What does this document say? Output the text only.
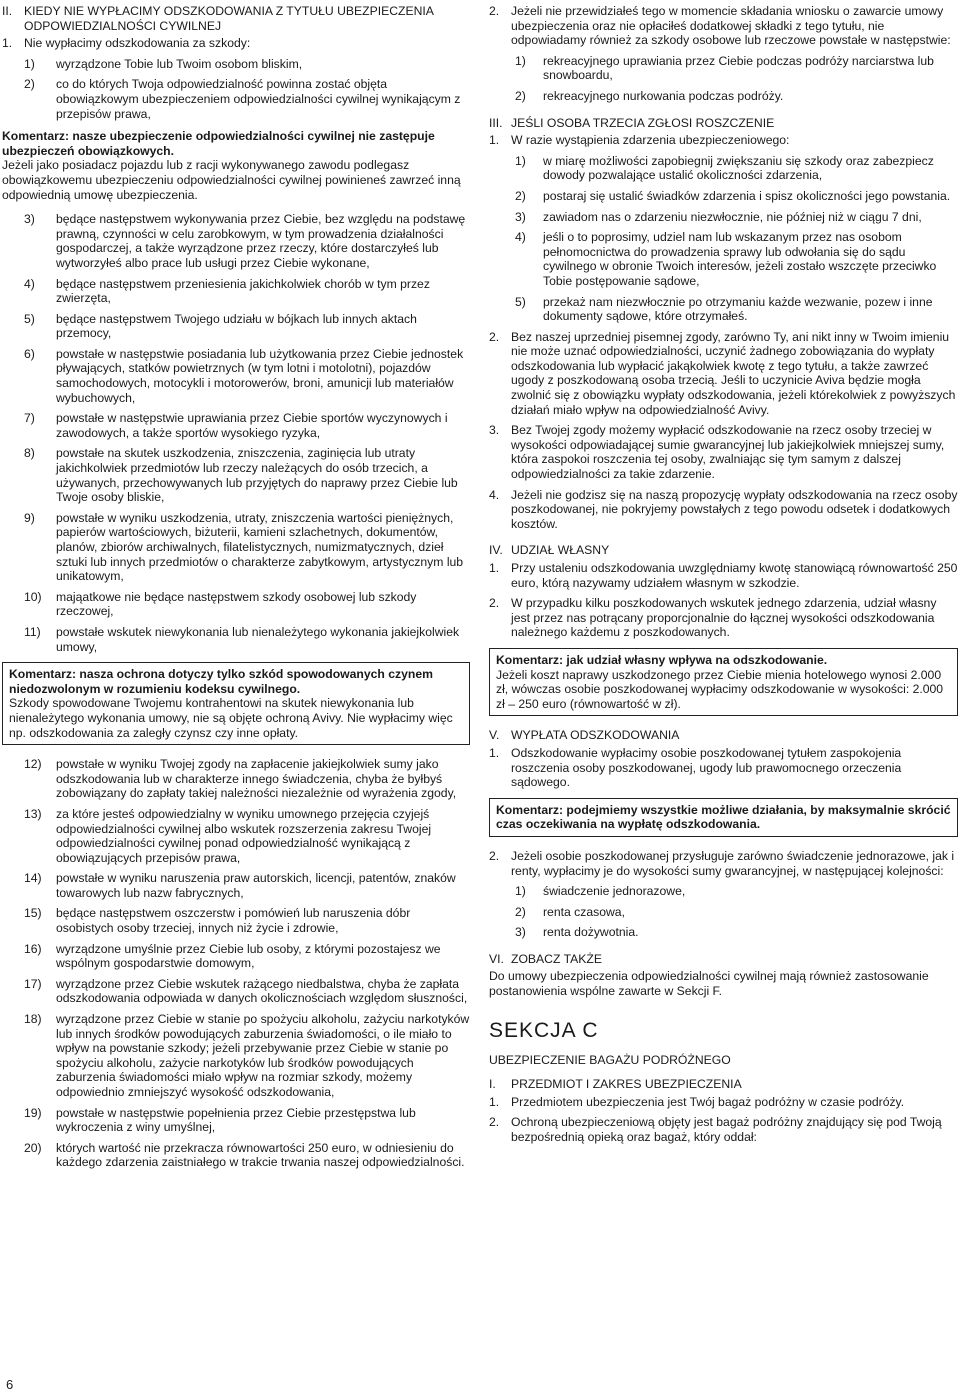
II. KIEDY NIE WYPŁACIMY ODSZKODOWANIA Z TYTUŁU UBEZPIECZENIA ODPOWIEDZIALNOŚCI CYWILNEJ
1. Nie wypłacimy odszkodowania za szkody:
1)	wyrządzone Tobie lub Twoim osobom bliskim,
2)	co do których Twoja odpowiedzialność powinna zostać objęta obowiązkowym ubezpieczeniem odpowiedzialności cywilnej wynikającym z przepisów prawa,
Komentarz: nasze ubezpieczenie odpowiedzialności cywilnej nie zastępuje ubezpieczeń obowiązkowych.
Jeżeli jako posiadacz pojazdu lub z racji wykonywanego zawodu podlegasz obowiązkowemu ubezpieczeniu odpowiedzialności cywilnej powinieneś zawrzeć inną odpowiednią umowę ubezpieczenia.
3)	będące następstwem wykonywania przez Ciebie, bez względu na podstawę prawną, czynności w celu zarobkowym, w tym prowadzenia działalności gospodarczej, a także wyrządzone przez rzeczy, które dostarczyłeś lub wytworzyłeś albo prace lub usługi przez Ciebie wykonane,
4)	będące następstwem przeniesienia jakichkolwiek chorób w tym przez zwierzęta,
5)	będące następstwem Twojego udziału w bójkach lub innych aktach przemocy,
6)	powstałe w następstwie posiadania lub użytkowania przez Ciebie jednostek pływających, statków powietrznych (w tym lotni i motolotni), pojazdów samochodowych, motocykli i motorowerów, broni, amunicji lub materiałów wybuchowych,
7)	powstałe w następstwie uprawiania przez Ciebie sportów wyczynowych i zawodowych, a także sportów wysokiego ryzyka,
8)	powstałe na skutek uszkodzenia, zniszczenia, zaginięcia lub utraty jakichkolwiek przedmiotów lub rzeczy należących do osób trzecich, a używanych, przechowywanych lub przyjętych do naprawy przez Ciebie lub Twoje osoby bliskie,
9)	powstałe w wyniku uszkodzenia, utraty, zniszczenia wartości pieniężnych, papierów wartościowych, biżuterii, kamieni szlachetnych, dokumentów, planów, zbiorów archiwalnych, filatelistycznych, numizmatycznych, dzieł sztuki lub innych przedmiotów o charakterze zabytkowym, artystycznym lub unikatowym,
10)	mająatkowe nie będące następstwem szkody osobowej lub szkody rzeczowej,
11)	powstałe wskutek niewykonania lub nienależytego wykonania jakiejkolwiek umowy,
Komentarz: nasza ochrona dotyczy tylko szkód spowodowanych czynem niedozwolonym w rozumieniu kodeksu cywilnego.
Szkody spowodowane Twojemu kontrahentowi na skutek niewykonania lub nienależytego wykonania umowy, nie są objęte ochroną Avivy. Nie wypłacimy więc np. odszkodowania za zaległy czynsz czy inne opłaty.
12)	powstałe w wyniku Twojej zgody na zapłacenie jakiejkolwiek sumy jako odszkodowania lub w charakterze innego świadczenia, chyba że byłbyś zobowiązany do zapłaty takiej należności niezależnie od wyrażenia zgody,
13)	za które jesteś odpowiedzialny w wyniku umownego przejęcia czyjejś odpowiedzialności cywilnej albo wskutek rozszerzenia zakresu Twojej odpowiedzialności cywilnej ponad odpowiedzialność wynikającą z obowiązujących przepisów prawa,
14)	powstałe w wyniku naruszenia praw autorskich, licencji, patentów, znaków towarowych lub nazw fabrycznych,
15)	będące następstwem oszczerstw i pomówień lub naruszenia dóbr osobistych osoby trzeciej, innych niż życie i zdrowie,
16)	wyrządzone umyślnie przez Ciebie lub osoby, z którymi pozostajesz we wspólnym gospodarstwie domowym,
17)	wyrządzone przez Ciebie wskutek rażącego niedbalstwa, chyba że zapłata odszkodowania odpowiada w danych okolicznościach względom słuszności,
18)	wyrządzone przez Ciebie w stanie po spożyciu alkoholu, zażyciu narkotyków lub innych środków powodujących zaburzenia świadomości, o ile miało to wpływ na powstanie szkody; jeżeli przebywanie przez Ciebie w stanie po spożyciu alkoholu, zażycie narkotyków lub środków powodujących zaburzenia świadomości miało wpływ na rozmiar szkody, możemy odpowiednio zmniejszyć wysokość odszkodowania,
19)	powstałe w następstwie popełnienia przez Ciebie przestępstwa lub wykroczenia z winy umyślnej,
20)	których wartość nie przekracza równowartości 250 euro, w odniesieniu do każdego zdarzenia zaistniałego w trakcie trwania naszej odpowiedzialności.
2. Jeżeli nie przewidziałeś tego w momencie składania wniosku o zawarcie umowy ubezpieczenia oraz nie opłaciłeś dodatkowej składki z tego tytułu, nie odpowiadamy również za szkody osobowe lub rzeczowe powstałe w następstwie:
1)	rekreacyjnego uprawiania przez Ciebie podczas podróży narciarstwa lub snowboardu,
2)	rekreacyjnego nurkowania podczas podróży.
III. JEŚLI OSOBA TRZECIA ZGŁOSI ROSZCZENIE
1. W razie wystąpienia zdarzenia ubezpieczeniowego:
1)	w miarę możliwości zapobiegnij zwiększaniu się szkody oraz zabezpiecz dowody pozwalające ustalić okoliczności zdarzenia,
2)	postaraj się ustalić świadków zdarzenia i spisz okoliczności jego powstania.
3)	zawiadom nas o zdarzeniu niezwłocznie, nie później niż w ciągu 7 dni,
4)	jeśli o to poprosimy, udziel nam lub wskazanym przez nas osobom pełnomocnictwa do prowadzenia sprawy lub odwołania się do sądu cywilnego w obronie Twoich interesów, jeżeli zostało wszczęte przeciwko Tobie postępowanie sądowe,
5)	przekaż nam niezwłocznie po otrzymaniu każde wezwanie, pozew i inne dokumenty sądowe, które otrzymałeś.
2. Bez naszej uprzedniej pisemnej zgody, zarówno Ty, ani nikt inny w Twoim imieniu nie może uznać odpowiedzialności, uczynić żadnego zobowiązania do wypłaty odszkodowania lub wypłacić jakąkolwiek kwotę z tego tytułu, a także zawrzeć ugody z poszkodowaną osoba trzecią. Jeśli to uczynicie Aviva będzie mogła zwolnić się z obowiązku wypłaty odszkodowania, jeżeli którekolwiek z powyższych działań miało wpływ na odpowiedzialność Avivy.
3. Bez Twojej zgody możemy wypłacić odszkodowanie na rzecz osoby trzeciej w wysokości odpowiadającej sumie gwarancyjnej lub jakiejkolwiek mniejszej sumy, która zaspokoi roszczenia tej osoby, zwalniając się tym samym z dalszej odpowiedzialności za takie zdarzenie.
4. Jeżeli nie godzisz się na naszą propozycję wypłaty odszkodowania na rzecz osoby poszkodowanej, nie pokryjemy powstałych z tego powodu odsetek i dodatkowych kosztów.
IV. UDZIAŁ WŁASNY
1. Przy ustaleniu odszkodowania uwzględniamy kwotę stanowiącą równowartość 250 euro, którą nazywamy udziałem własnym w szkodzie.
2. W przypadku kilku poszkodowanych wskutek jednego zdarzenia, udział własny jest przez nas potrącany proporcjonalnie do łącznej wysokości odszkodowania należnego każdemu z poszkodowanych.
Komentarz: jak udział własny wpływa na odszkodowanie.
Jeżeli koszt naprawy uszkodzonego przez Ciebie mienia hotelowego wynosi 2.000 zł, wówczas osobie poszkodowanej wypłacimy odszkodowanie w wysokości: 2.000 zł – 250 euro (równowartość w zł).
V. WYPŁATA ODSZKODOWANIA
1. Odszkodowanie wypłacimy osobie poszkodowanej tytułem zaspokojenia roszczenia osoby poszkodowanej, ugody lub prawomocnego orzeczenia sądowego.
Komentarz: podejmiemy wszystkie możliwe działania, by maksymalnie skrócić czas oczekiwania na wypłatę odszkodowania.
2. Jeżeli osobie poszkodowanej przysługuje zarówno świadczenie jednorazowe, jak i renty, wypłacimy je do wysokości sumy gwarancyjnej, w następującej kolejności:
1)	świadczenie jednorazowe,
2)	renta czasowa,
3)	renta dożywotnia.
VI. ZOBACZ TAKŻE
Do umowy ubezpieczenia odpowiedzialności cywilnej mają również zastosowanie postanowienia wspólne zawarte w Sekcji F.
SEKCJA C
UBEZPIECZENIE BAGAŻU PODRÓŻNEGO
I.	PRZEDMIOT I ZAKRES UBEZPIECZENIA
1. Przedmiotem ubezpieczenia jest Twój bagaż podróżny w czasie podróży.
2. Ochroną ubezpieczeniową objęty jest bagaż podróżny znajdujący się pod Twoją bezpośrednią opieką oraz bagaż, który oddał:
6
